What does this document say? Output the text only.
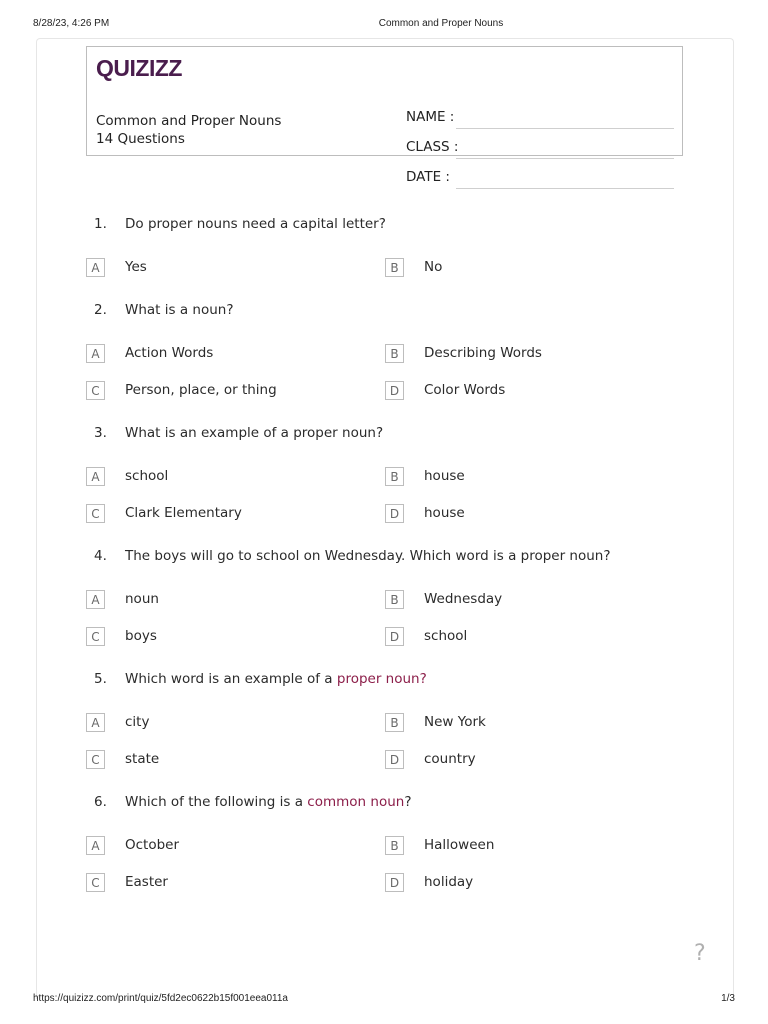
8/28/23, 4:26 PM	Common and Proper Nouns
QUIZIZZ
Common and Proper Nouns
14 Questions
NAME :
CLASS :
DATE :
1. Do proper nouns need a capital letter?
A	Yes	B	No
2. What is a noun?
A	Action Words	B	Describing Words
C	Person, place, or thing	D	Color Words
3. What is an example of a proper noun?
A	school	B	house
C	Clark Elementary	D	house
4. The boys will go to school on Wednesday. Which word is a proper noun?
A	noun	B	Wednesday
C	boys	D	school
5. Which word is an example of a proper noun?
A	city	B	New York
C	state	D	country
6. Which of the following is a common noun?
A	October	B	Halloween
C	Easter	D	holiday
?
https://quizizz.com/print/quiz/5fd2ec0622b15f001eea011a	1/3
